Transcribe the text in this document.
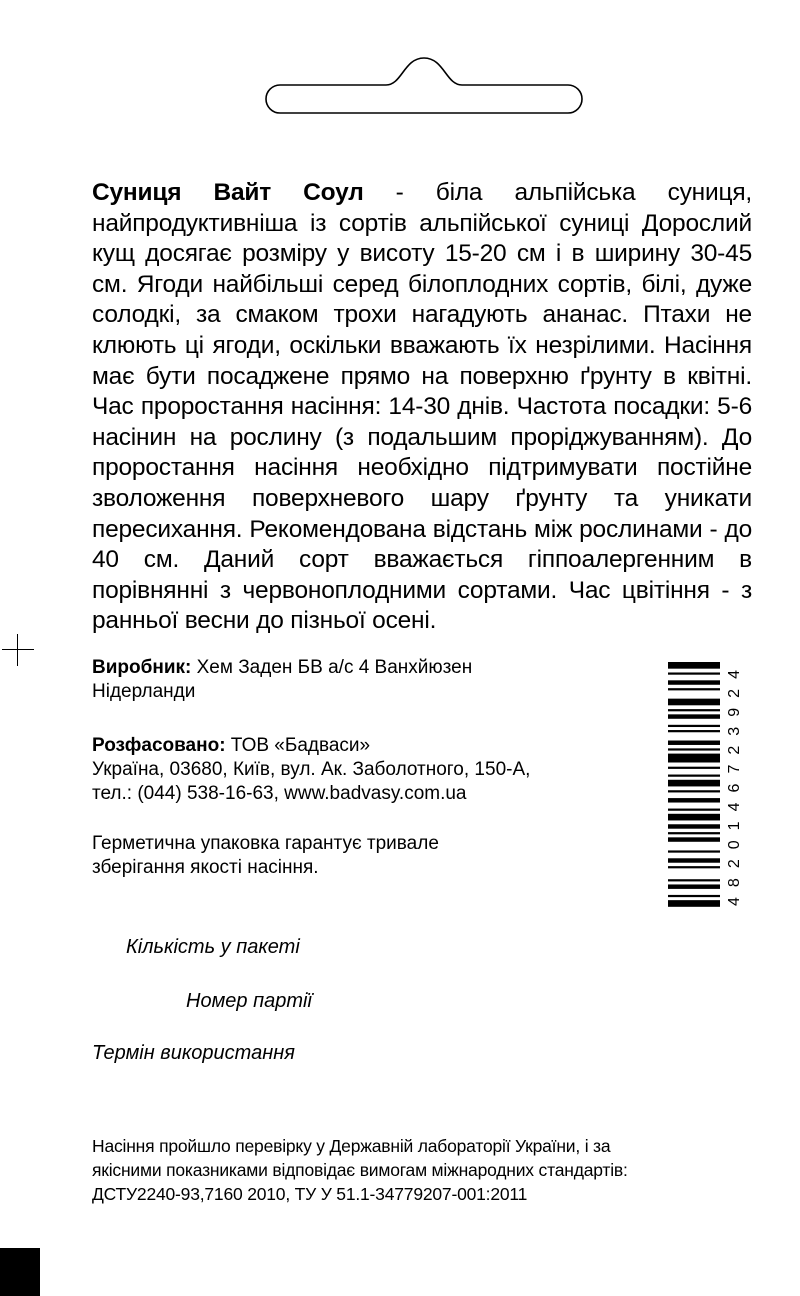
Суниця Вайт Соул - біла альпійська суниця, найпродуктивніша із сортів альпійської суниці Дорослий кущ досягає розміру у висоту 15-20 см і в ширину 30-45 см. Ягоди найбільші серед білоплодних сортів, білі, дуже солодкі, за смаком трохи нагадують ананас. Птахи не клюють ці ягоди, оскільки вважають їх незрілими. Насіння має бути посаджене прямо на поверхню ґрунту в квітні. Час проростання насіння: 14-30 днів. Частота посадки: 5-6 насінин на рослину (з подальшим проріджуванням). До проростання насіння необхідно підтримувати постійне зволоження поверхневого шару ґрунту та уникати пересихання. Рекомендована відстань між рослинами - до 40 см. Даний сорт вважається гіппоалергенним в порівнянні з червоноплодними сортами. Час цвітіння - з ранньої весни до пізньої осені.
Виробник: Хем Заден БВ а/с 4 Ванхйюзен
Нідерланди
Розфасовано: ТОВ «Бадваси»
Україна, 03680, Київ, вул. Ак. Заболотного, 150-А,
тел.: (044) 538-16-63, www.badvasy.com.ua
Герметична упаковка гарантує тривале
зберігання якості насіння.
4820146723924
Кількість у пакеті
Номер партії
Термін використання
Насіння пройшло перевірку у Державній лабораторії України, і за
якісними показниками відповідає вимогам міжнародних стандартів:
ДСТУ2240-93,7160 2010, ТУ У 51.1-34779207-001:2011
